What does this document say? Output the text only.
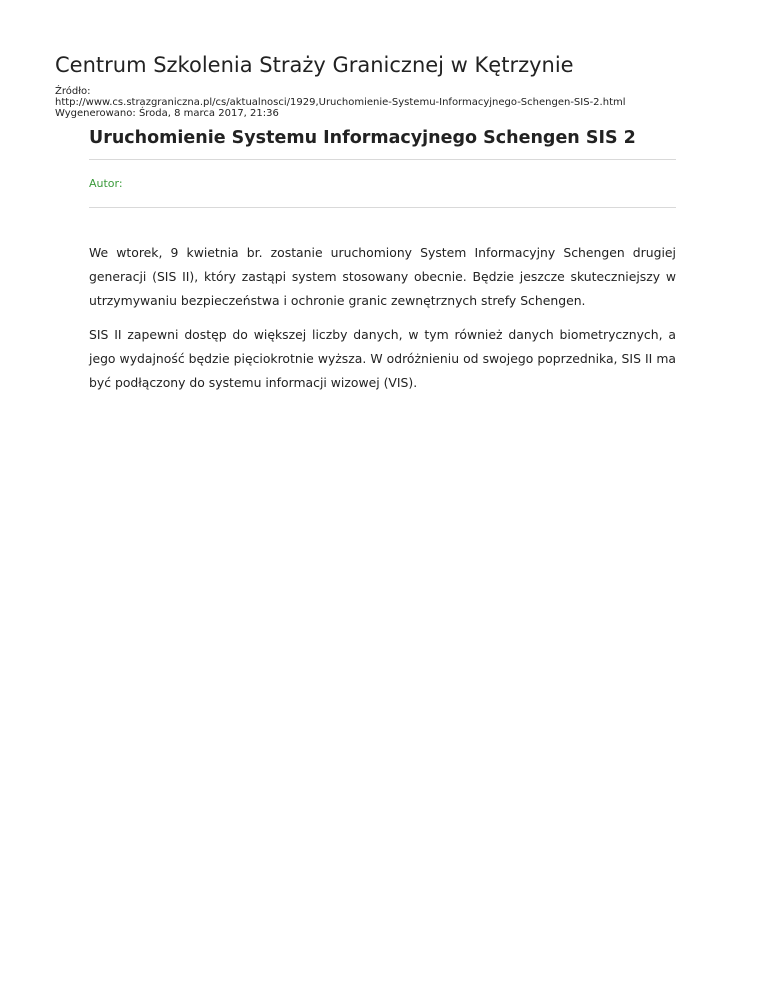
Centrum Szkolenia Straży Granicznej w Kętrzynie
Źródło:
http://www.cs.strazgraniczna.pl/cs/aktualnosci/1929,Uruchomienie-Systemu-Informacyjnego-Schengen-SIS-2.html
Wygenerowano: Środa, 8 marca 2017, 21:36
Uruchomienie Systemu Informacyjnego Schengen SIS 2
Autor:

We wtorek, 9 kwietnia br. zostanie uruchomiony System Informacyjny Schengen drugiej generacji (SIS II), który zastąpi system stosowany obecnie. Będzie jeszcze skuteczniejszy w utrzymywaniu bezpieczeństwa i ochronie granic zewnętrznych strefy Schengen.

SIS II zapewni dostęp do większej liczby danych, w tym również danych biometrycznych, a jego wydajność będzie pięciokrotnie wyższa. W odróżnieniu od swojego poprzednika, SIS II ma być podłączony do systemu informacji wizowej (VIS).
